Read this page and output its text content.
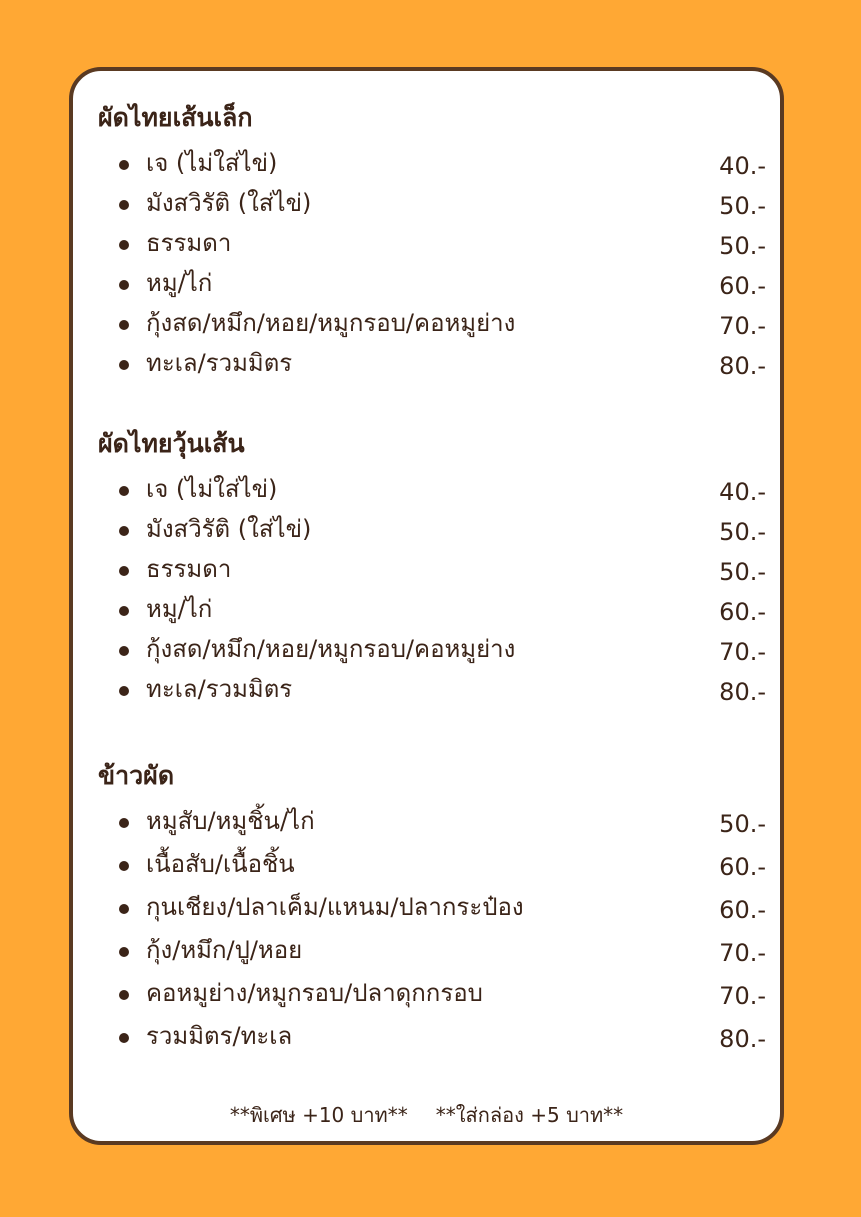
ผัดไทยเส้นเล็ก
เจ (ไม่ใส่ไข่)	40.-
มังสวิรัติ (ใส่ไข่)	50.-
ธรรมดา	50.-
หมู/ไก่	60.-
กุ้งสด/หมึก/หอย/หมูกรอบ/คอหมูย่าง	70.-
ทะเล/รวมมิตร	80.-
ผัดไทยวุ้นเส้น
เจ (ไม่ใส่ไข่)	40.-
มังสวิรัติ (ใส่ไข่)	50.-
ธรรมดา	50.-
หมู/ไก่	60.-
กุ้งสด/หมึก/หอย/หมูกรอบ/คอหมูย่าง	70.-
ทะเล/รวมมิตร	80.-
ข้าวผัด
หมูสับ/หมูชิ้น/ไก่	50.-
เนื้อสับ/เนื้อชิ้น	60.-
กุนเชียง/ปลาเค็ม/แหนม/ปลากระป๋อง	60.-
กุ้ง/หมึก/ปู/หอย	70.-
คอหมูย่าง/หมูกรอบ/ปลาดุกกรอบ	70.-
รวมมิตร/ทะเล	80.-
**พิเศษ +10 บาท** **ใส่กล่อง +5 บาท**
